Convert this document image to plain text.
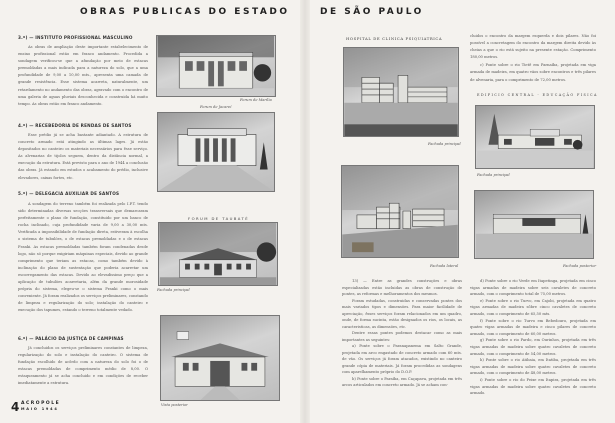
OBRAS PUBLICAS DO ESTADO	DE SÃO PAULO
3.º) — INSTITUTO PROFISSIONAL MASCULINO
As obras de ampliação deste importante estabelecimento de ensino profissional estão em franco andamento. Procedida a sondagem verificou-se que a afundação por meio de estacas premoldadas a mais indicada para a natureza do solo, que a uma profundidade de 9,00 a 10,00 mts., apresenta uma camada de grande resistência. Esse sistema acarreta, naturalmente, um retardamento no andamento das obras, agravado com o encontro de uma galeria de aguas pluviais desconhecida e construida há muito tempo. As obras estão em franco andamento.
4.º) — RECEBEDORIA DE RENDAS DE SANTOS
Esse prédio já se acha bastante adiantado. A estrutura de concreto armado está atingindo as últimas lages. Já estão depositados no canteiro os materiais necessários para êsse serviço. As alvenarias de tijolos seguem, dentro da distância normal, a execução da estrutura. Está previsto para o ano de 1944 a conclusão das obras. Já estando em estudos o acabamento do prédio, inclusive elevadores, caixas fortes, etc.
5.º) — DELEGACIA AUXILIAR DE SANTOS
A sondagem do terreno também foi realizada pelo I.P.T. tendo sido determinadas diversas secções transversais que demarcaram perfeitamente o plano de fundação, constituido por um banco de rocha inclinado, cuja profundidade varia de 9,00 a 30,00 mts. Verificada a impossibilidade de fundação direta, estiveram à escolha o sistema de tubulões, o de estacas premoldadas e o de estacas Franki. As estacas premoldadas também foram condenadas desde logo, não só porque exigiriam máquinas especiais, devido ao grande comprimento que teriam as estacas, como também devido à inclinação do plano de sustentação que poderia acarretar um escorregamento das estacas. Devido ao elevadissimo preço que a aplicação de tubulões acarretaria, além da grande morosidade própria do sistema, elegeu-se o sistema Franki como o mais conveniente. Já foram realizados os serviços preliminares, constando de limpeza e regularização do solo; instalação do canteiro e execução dos tapumes, estando o terreno totalmente vedado.
6.º) — PALÁCIO DA JUSTIÇA DE CAMPINAS
Já concluidos os serviços preliminares constantes de limpeza, regularização do solo e instalação do canteiro. O sistema de fundação escolhido de acôrdo com a natureza do solo foi o de estacas premoldadas de comprimento médio de 8,00. O estaqueamento já se acha concluido e em condições de receber imediatamente a estrutura.
4 ACROPOLE
MAIO 1944
Forum de Marília
Forum de Jacareí
FORUM DE TAUBATÉ
Fachada principal
Vista posterior
HOSPITAL DE CLINICA PSIQUIATRICA
Fachada principal
Fachada lateral
cluidos o encontro da margem esquerda e dois pilares. Não foi possível a concretagem do encontro da margem direita devido às cheias a que o rio está sujeito na presente estação. Comprimento 180,00 metros.
c) Ponte sobre o rio Tietê em Parnaíba, projetada em viga armada de madeira, em quatro vãos sobre encontros e três pilares de alvenaria, para o comprimento de 72,00 metros.
EDIFICIO CENTRAL - EDUCAÇÃO FISICA
Fachada principal
Fachada posterior
13) — Entre as grandes construções e obras especializadas estão incluidas as obras de construção de pontes, as reformas e melhoramentos dos mesmos.
Foram estudadas, construidas e conservadas pontes dos mais variados tipos e dimensões. Para maior facilidade de apreciação, êsses serviços foram relacionados em um quadro, onde, de forma sucinta, estão designados os rios, os locais, as caracteristicas, as dimensões, etc.
Dentre essas pontes podemos destacar como as mais importantes as seguintes:
a) Ponte sobre o Paranapanema em Salto Grande, projetada em arco engastado de concreto armado com 60 mts. de vão. Os serviços já foram atacados, existindo no canteiro grande cópia de materiais. Já foram procedidas as sondagens com aparelhamento próprio do D.O.P.
b) Ponte sobre o Paraíba, em Caçapava, projetada em três arcos articulados em concreto armado. Já se acham con-
d) Ponte sobre o rio Verde em Itapetinga, projetada em cinco vigas armadas de madeira sobre seis cavaletes de concreto armado, com o comprimento total de 75,00 metros.
e) Ponte sobre o rio Turvo, em Cajobi, projetada em quatro vigas armadas de madeira sôbre cinco cavaletes de concreto armado, com o comprimento de 65,50 mts.
f) Ponte sobre o rio Turvo em Bebedouro, projetada em quatro vigas armadas de madeira e cinco pilares de concreto armado, com o comprimento de 60,00 metros.
g) Ponte sobre o rio Pardo, em Ourinhos, projetada em três vigas armadas de madeira sobre quatro cavaletes de concreto armado, com o comprimento de 54,00 metros.
h) Ponte sobre o rio Atibaia, em Itatiba, projetada em três vigas armadas de madeira sobre quatro cavaletes de concreto armado, com o comprimento de 48,00 metros.
i) Ponte sobre o rio do Peixe em Itapira, projetada em três vigas armadas de madeira sobre quatro cavaletes de concreto armado.
